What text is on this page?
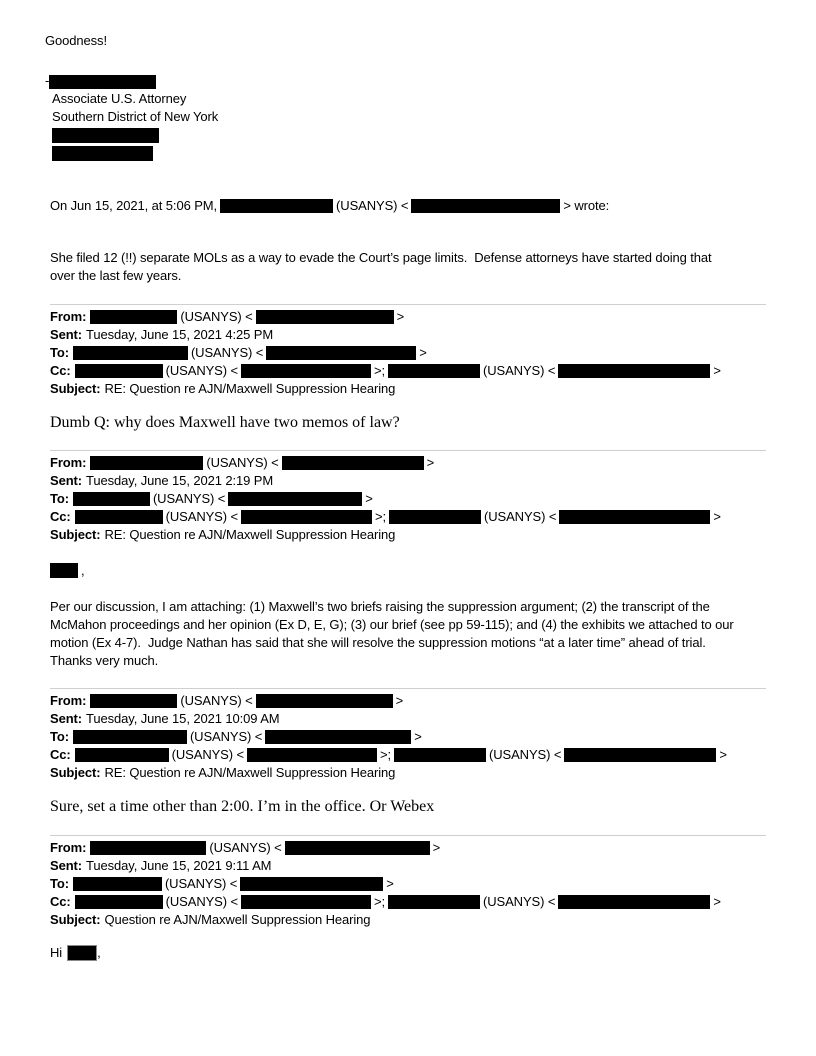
Goodness!
-
Associate U.S. Attorney
Southern District of New York
On Jun 15, 2021, at 5:06 PM,	(USANYS) <	> wrote:
She filed 12 (!!) separate MOLs as a way to evade the Court’s page limits.  Defense attorneys have started doing that
over the last few years.
From:	(USANYS) <	>
Sent: Tuesday, June 15, 2021 4:25 PM
To:	(USANYS) <	>
Cc:	(USANYS) <	>;	(USANYS) <	>
Subject: RE: Question re AJN/Maxwell Suppression Hearing
Dumb Q: why does Maxwell have two memos of law?
From:	(USANYS) <	>
Sent: Tuesday, June 15, 2021 2:19 PM
To:	(USANYS) <	>
Cc:	(USANYS) <	>;	(USANYS) <	>
Subject: RE: Question re AJN/Maxwell Suppression Hearing
,
Per our discussion, I am attaching: (1) Maxwell’s two briefs raising the suppression argument; (2) the transcript of the
McMahon proceedings and her opinion (Ex D, E, G); (3) our brief (see pp 59-115); and (4) the exhibits we attached to our
motion (Ex 4-7).  Judge Nathan has said that she will resolve the suppression motions “at a later time” ahead of trial.
Thanks very much.
From:	(USANYS) <	>
Sent: Tuesday, June 15, 2021 10:09 AM
To:	(USANYS) <	>
Cc:	(USANYS) <	>;	(USANYS) <	>
Subject: RE: Question re AJN/Maxwell Suppression Hearing
Sure, set a time other than 2:00. I’m in the office. Or Webex
From:	(USANYS) <	>
Sent: Tuesday, June 15, 2021 9:11 AM
To:	(USANYS) <	>
Cc:	(USANYS) <	>;	(USANYS) <	>
Subject: Question re AJN/Maxwell Suppression Hearing
Hi	,
